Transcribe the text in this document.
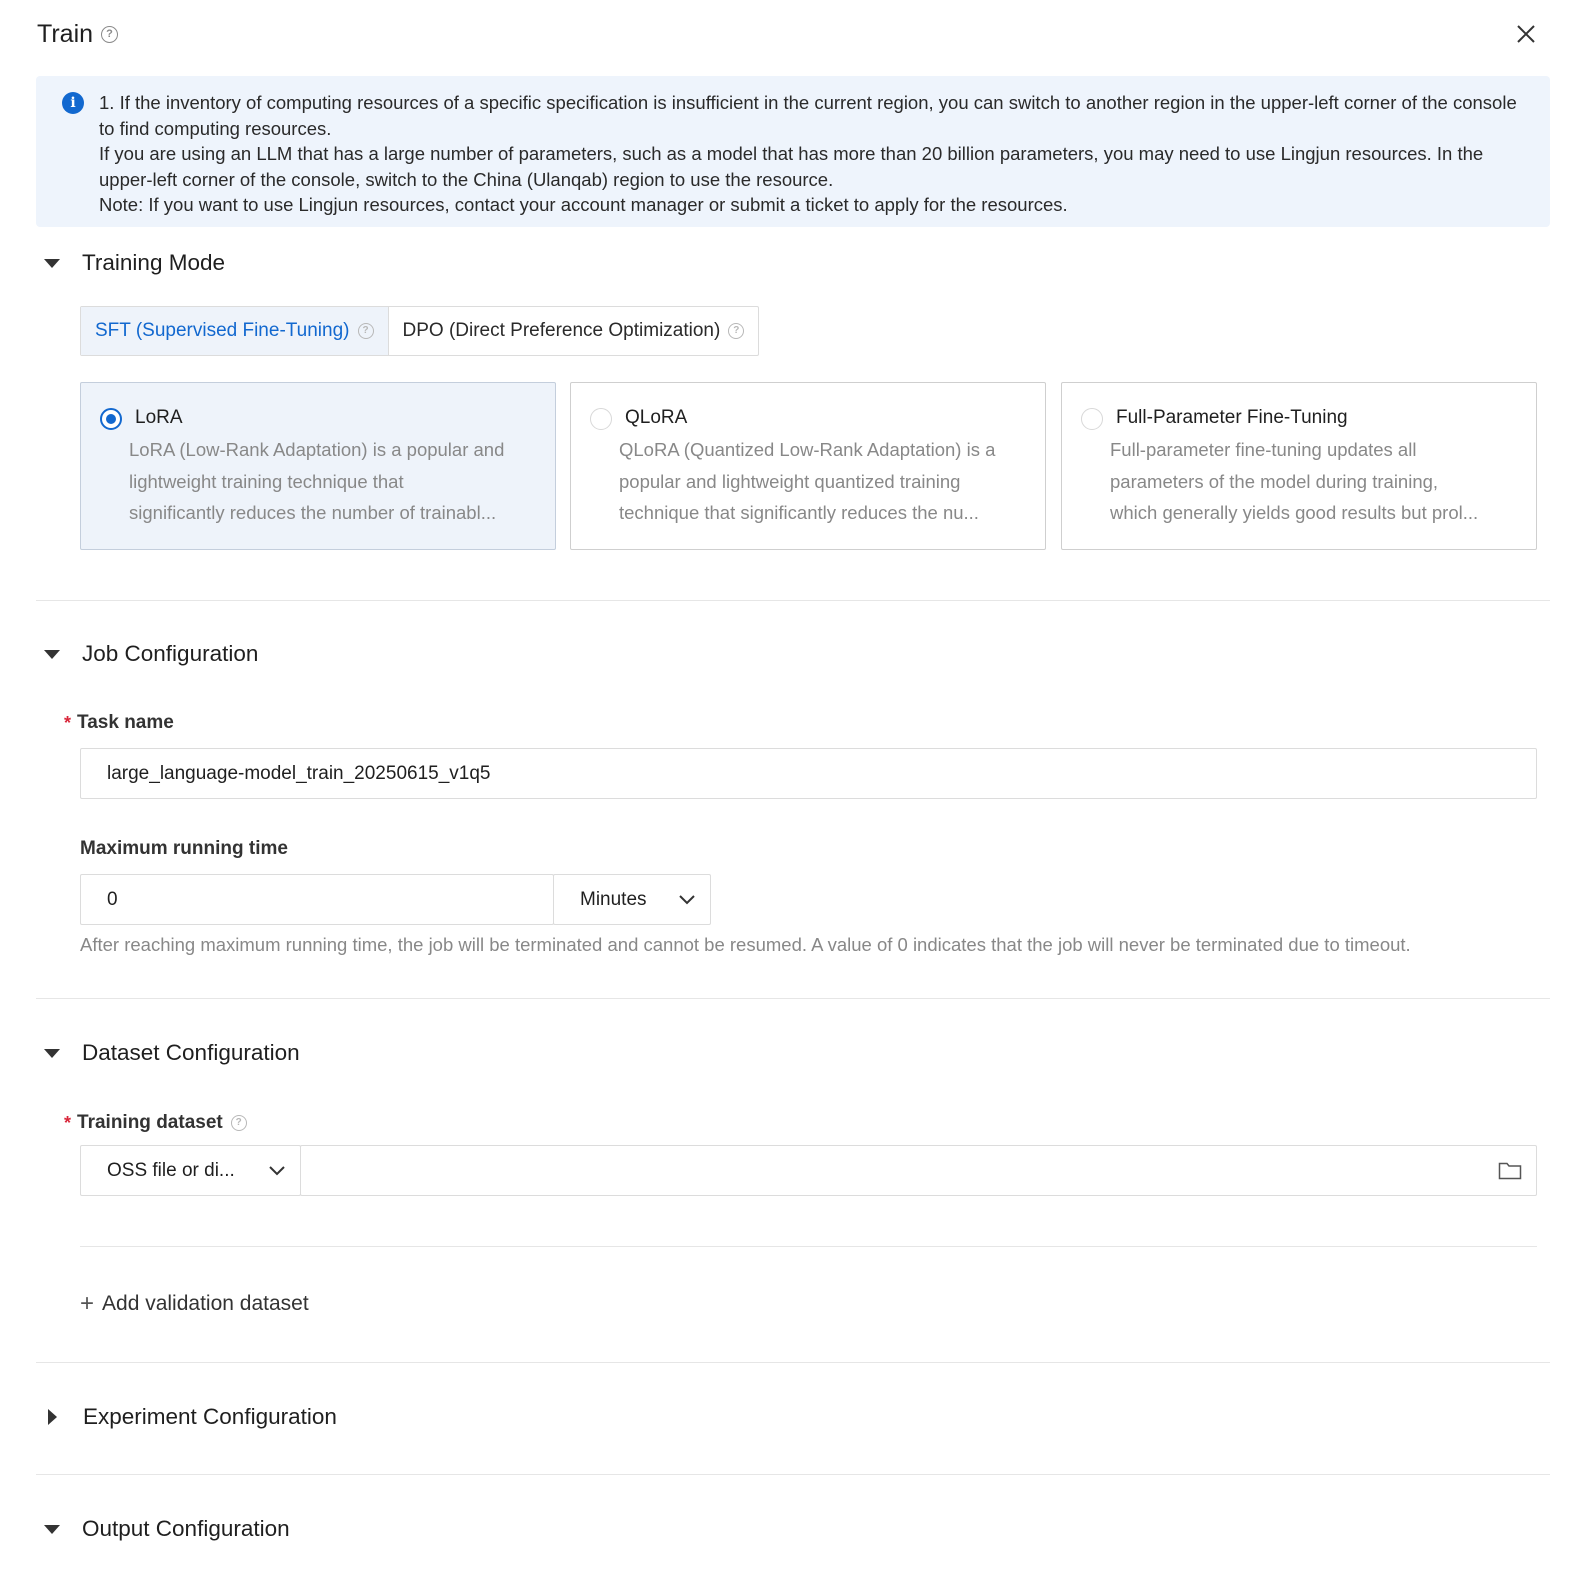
Train	?

1. If the inventory of computing resources of a specific specification is insufficient in the current region, you can switch to another region in the upper-left corner of the console to find computing resources.

If you are using an LLM that has a large number of parameters, such as a model that has more than 20 billion parameters, you may need to use Lingjun resources. In the upper-left corner of the console, switch to the China (Ulanqab) region to use the resource.

Note: If you want to use Lingjun resources, contact your account manager or submit a ticket to apply for the resources.

i
Training Mode
SFT (Supervised Fine-Tuning)	? DPO (Direct Preference Optimization)	?
LoRA
LoRA (Low-Rank Adaptation) is a popular and
lightweight training technique that
significantly reduces the number of trainabl...
QLoRA
QLoRA (Quantized Low-Rank Adaptation) is a
popular and lightweight quantized training
technique that significantly reduces the nu...
Full-Parameter Fine-Tuning
Full-parameter fine-tuning updates all
parameters of the model during training,
which generally yields good results but prol...
Job Configuration
* Task name
large_language-model_train_20250615_v1q5
Maximum running time
0	Minutes
After reaching maximum running time, the job will be terminated and cannot be resumed. A value of 0 indicates that the job will never be terminated due to timeout.
Dataset Configuration
* Training dataset	?
OSS file or di...
+ Add validation dataset
Experiment Configuration
Output Configuration
